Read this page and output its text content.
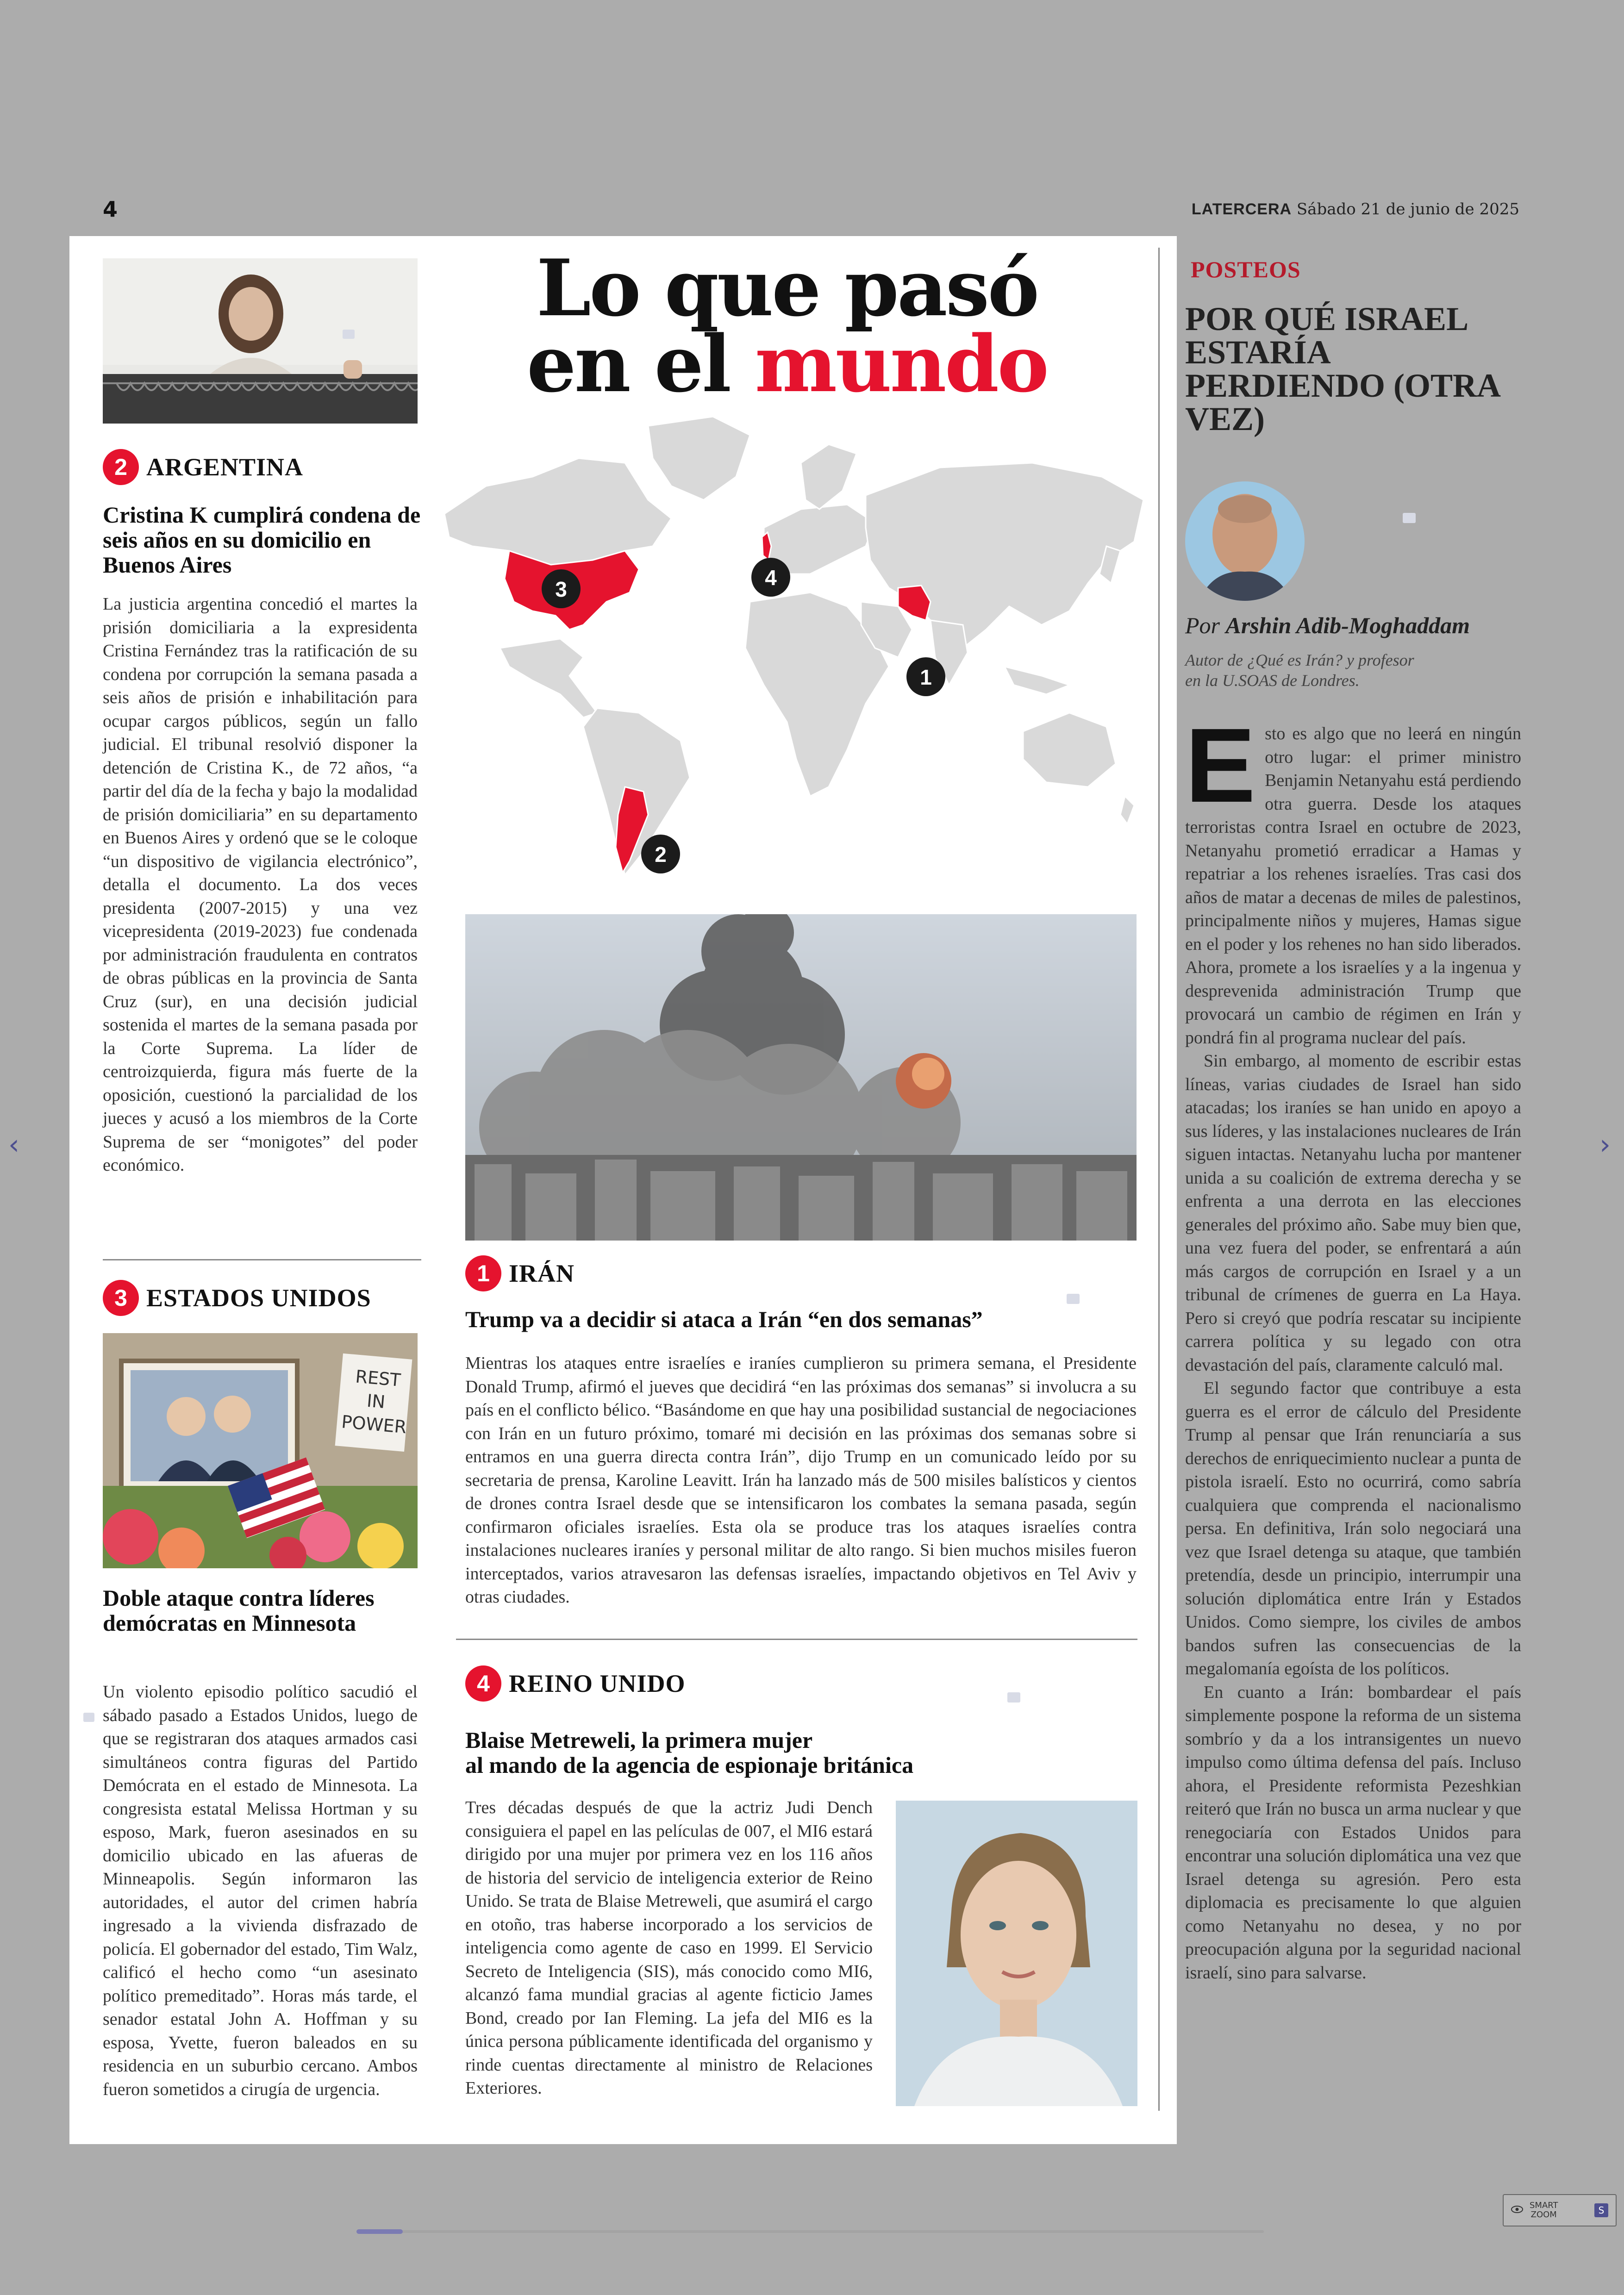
4	LATERCERA Sábado 21 de junio de 2025
2 ARGENTINA
Cristina K cumplirá condena de seis años en su domicilio en Buenos Aires
La justicia argentina concedió el martes la prisión domiciliaria a la expresidenta Cristina Fernández tras la ratificación de su condena por corrupción la semana pasada a seis años de prisión e inhabilitación para ocupar cargos públicos, según un fallo judicial. El tribunal resolvió disponer la detención de Cristina K., de 72 años, “a partir del día de la fecha y bajo la modalidad de prisión domiciliaria” en su departamento en Buenos Aires y ordenó que se le coloque “un dispositivo de vigilancia electrónico”, detalla el documento. La dos veces presidenta (2007-2015) y una vez vicepresidenta (2019-2023) fue condenada por administración fraudulenta en contratos de obras públicas en la provincia de Santa Cruz (sur), en una decisión judicial sostenida el martes de la semana pasada por la Corte Suprema. La líder de centroizquierda, figura más fuerte de la oposición, cuestionó la parcialidad de los jueces y acusó a los miembros de la Corte Suprema de ser “monigotes” del poder económico.
3 ESTADOS UNIDOS
RESTINPOWER
Doble ataque contra líderes demócratas en Minnesota
Un violento episodio político sacudió el sábado pasado a Estados Unidos, luego de que se registraran dos ataques armados casi simultáneos contra figuras del Partido Demócrata en el estado de Minnesota. La congresista estatal Melissa Hortman y su esposo, Mark, fueron asesinados en su domicilio ubicado en las afueras de Minneapolis. Según informaron las autoridades, el autor del crimen habría ingresado a la vivienda disfrazado de policía. El gobernador del estado, Tim Walz, calificó el hecho como “un asesinato político premeditado”. Horas más tarde, el senador estatal John A. Hoffman y su esposa, Yvette, fueron baleados en su residencia en un suburbio cercano. Ambos fueron sometidos a cirugía de urgencia.
Lo que pasó
en el mundo
3	4
1
2
1 IRÁN
Trump va a decidir si ataca a Irán “en dos semanas”
Mientras los ataques entre israelíes e iraníes cumplieron su primera semana, el Presidente Donald Trump, afirmó el jueves que decidirá “en las próximas dos semanas” si involucra a su país en el conflicto bélico. “Basándome en que hay una posibilidad sustancial de negociaciones con Irán en un futuro próximo, tomaré mi decisión en las próximas dos semanas sobre si entramos en una guerra directa contra Irán”, dijo Trump en un comunicado leído por su secretaria de prensa, Karoline Leavitt. Irán ha lanzado más de 500 misiles balísticos y cientos de drones contra Israel desde que se intensificaron los combates la semana pasada, según confirmaron oficiales israelíes. Esta ola se produce tras los ataques israelíes contra instalaciones nucleares iraníes y personal militar de alto rango. Si bien muchos misiles fueron interceptados, varios atravesaron las defensas israelíes, impactando objetivos en Tel Aviv y otras ciudades.
4 REINO UNIDO
Blaise Metreweli, la primera mujer
al mando de la agencia de espionaje británica
Tres décadas después de que la actriz Judi Dench consiguiera el papel en las películas de 007, el MI6 estará dirigido por una mujer por primera vez en los 116 años de historia del servicio de inteligencia exterior de Reino Unido. Se trata de Blaise Metreweli, que asumirá el cargo en otoño, tras haberse incorporado a los servicios de inteligencia como agente de caso en 1999. El Servicio Secreto de Inteligencia (SIS), más conocido como MI6, alcanzó fama mundial gracias al agente ficticio James Bond, creado por Ian Fleming. La jefa del MI6 es la única persona públicamente identificada del organismo y rinde cuentas directamente al ministro de Relaciones Exteriores.
POSTEOS
POR QUÉ ISRAEL ESTARÍA PERDIENDO (OTRA VEZ)
Por Arshin Adib-Moghaddam
Autor de ¿Qué es Irán? y profesor
en la U.SOAS de Londres.

Esto es algo que no leerá en ningún otro lugar: el primer ministro Benjamin Netanyahu está perdiendo otra guerra. Desde los ataques terroristas contra Israel en octubre de 2023, Netanyahu prometió erradicar a Hamas y repatriar a los rehenes israelíes. Tras casi dos años de matar a decenas de miles de palestinos, principalmente niños y mujeres, Hamas sigue en el poder y los rehenes no han sido liberados. Ahora, promete a los israelíes y a la ingenua y desprevenida administración Trump que provocará un cambio de régimen en Irán y pondrá fin al programa nuclear del país.

Sin embargo, al momento de escribir estas líneas, varias ciudades de Israel han sido atacadas; los iraníes se han unido en apoyo a sus líderes, y las instalaciones nucleares de Irán siguen intactas. Netanyahu lucha por mantener unida a su coalición de extrema derecha y se enfrenta a una derrota en las elecciones generales del próximo año. Sabe muy bien que, una vez fuera del poder, se enfrentará a aún más cargos de corrupción en Israel y a un tribunal de crímenes de guerra en La Haya. Pero si creyó que podría rescatar su incipiente carrera política y su legado con otra devastación del país, claramente calculó mal.

El segundo factor que contribuye a esta guerra es el error de cálculo del Presidente Trump al pensar que Irán renunciaría a sus derechos de enriquecimiento nuclear a punta de pistola israelí. Esto no ocurrirá, como sabría cualquiera que comprenda el nacionalismo persa. En definitiva, Irán solo negociará una vez que Israel detenga su ataque, que también pretendía, desde un principio, interrumpir una solución diplomática entre Irán y Estados Unidos. Como siempre, los civiles de ambos bandos sufren las consecuencias de la megalomanía egoísta de los políticos.

En cuanto a Irán: bombardear el país simplemente pospone la reforma de un sistema sombrío y da a los intransigentes un nuevo impulso como última defensa del país. Incluso ahora, el Presidente reformista Pezeshkian reiteró que Irán no busca un arma nuclear y que renegociaría con Estados Unidos para encontrar una solución diplomática una vez que Israel detenga su agresión. Pero esta diplomacia es precisamente lo que alguien como Netanyahu no desea, y no por preocupación alguna por la seguridad nacional israelí, sino para salvarse.

‹	›
SMART
ZOOM	S
